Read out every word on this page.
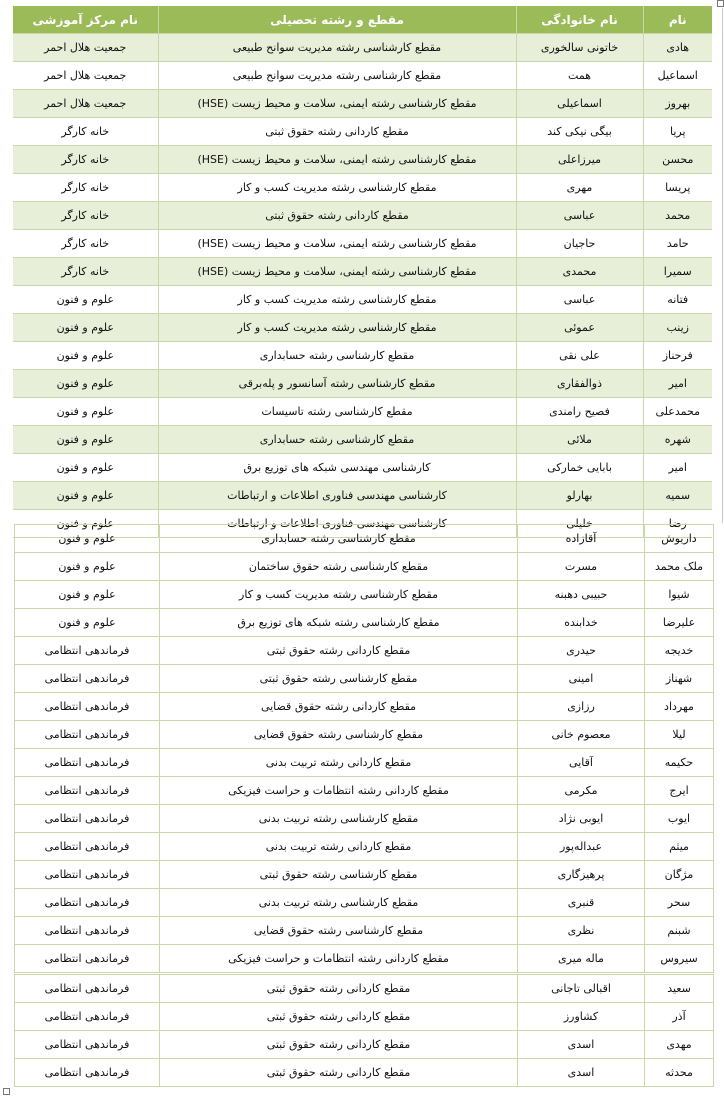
نام	نام خانوادگی	مقطع و رشته تحصیلی	نام مرکز آموزشی
هادی	خاتونی سالخوری	مقطع کارشناسی رشته مدیریت سوانح طبیعی	جمعیت هلال احمر
اسماعیل	همت	مقطع کارشناسی رشته مدیریت سوانح طبیعی	جمعیت هلال احمر
بهروز	اسماعیلی	مقطع کارشناسی رشته ایمنی، سلامت و محیط زیست (HSE)	جمعیت هلال احمر
پریا	بیگی نیکی کند	مقطع کاردانی رشته حقوق ثبتی	خانه کارگر
محسن	میرزاعلی	مقطع کارشناسی رشته ایمنی، سلامت و محیط زیست (HSE)	خانه کارگر
پریسا	مهری	مقطع کارشناسی رشته مدیریت کسب و کار	خانه کارگر
محمد	عباسی	مقطع کاردانی رشته حقوق ثبتی	خانه کارگر
حامد	حاجیان	مقطع کارشناسی رشته ایمنی، سلامت و محیط زیست (HSE)	خانه کارگر
سمیرا	محمدی	مقطع کارشناسی رشته ایمنی، سلامت و محیط زیست (HSE)	خانه کارگر
فتانه	عباسی	مقطع کارشناسی رشته مدیریت کسب و کار	علوم و فنون
زینب	عموئی	مقطع کارشناسی رشته مدیریت کسب و کار	علوم و فنون
فرحناز	علی نقی	مقطع کارشناسی رشته حسابداری	علوم و فنون
امیر	ذوالفقاری	مقطع کارشناسی رشته آسانسور و پله‌برقی	علوم و فنون
محمدعلی	فصیح رامندی	مقطع کارشناسی رشته تاسیسات	علوم و فنون
شهره	ملائی	مقطع کارشناسی رشته حسابداری	علوم و فنون
امیر	بابایی خمارکی	کارشناسی مهندسی شبکه های توزیع برق	علوم و فنون
سمیه	بهارلو	کارشناسی مهندسی فناوری اطلاعات و ارتباطات	علوم و فنون
رضا	خلیلی	کارشناسی مهندسی فناوری اطلاعات و ارتباطات	علوم و فنون
داریوش	آقازاده	مقطع کارشناسی رشته حسابداری	علوم و فنون
ملک محمد	مسرت	مقطع کارشناسی رشته حقوق ساختمان	علوم و فنون
شیوا	حبیبی دهبنه	مقطع کارشناسی رشته مدیریت کسب و کار	علوم و فنون
علیرضا	خدابنده	مقطع کارشناسی رشته شبکه های توزیع برق	علوم و فنون
خدیجه	حیدری	مقطع کاردانی رشته حقوق ثبتی	فرماندهی انتظامی
شهناز	امینی	مقطع کارشناسی رشته حقوق ثبتی	فرماندهی انتظامی
مهرداد	رزازی	مقطع کاردانی رشته حقوق قضایی	فرماندهی انتظامی
لیلا	معصوم خانی	مقطع کارشناسی رشته حقوق قضایی	فرماندهی انتظامی
حکیمه	آقایی	مقطع کاردانی رشته تربیت بدنی	فرماندهی انتظامی
ایرج	مکرمی	مقطع کاردانی رشته انتظامات و حراست فیزیکی	فرماندهی انتظامی
ایوب	ایوبی نژاد	مقطع کارشناسی رشته تربیت بدنی	فرماندهی انتظامی
میثم	عبداله‌پور	مقطع کاردانی رشته تربیت بدنی	فرماندهی انتظامی
مژگان	پرهیزگاری	مقطع کارشناسی رشته حقوق ثبتی	فرماندهی انتظامی
سحر	قنبری	مقطع کارشناسی رشته تربیت بدنی	فرماندهی انتظامی
شبنم	نظری	مقطع کارشناسی رشته حقوق قضایی	فرماندهی انتظامی
سیروس	ماله میری	مقطع کاردانی رشته انتظامات و حراست فیزیکی	فرماندهی انتظامی
سعید	اقبالی تاجانی	مقطع کاردانی رشته حقوق ثبتی	فرماندهی انتظامی
آذر	کشاورز	مقطع کاردانی رشته حقوق ثبتی	فرماندهی انتظامی
مهدی	اسدی	مقطع کاردانی رشته حقوق ثبتی	فرماندهی انتظامی
محدثه	اسدی	مقطع کاردانی رشته حقوق ثبتی	فرماندهی انتظامی
